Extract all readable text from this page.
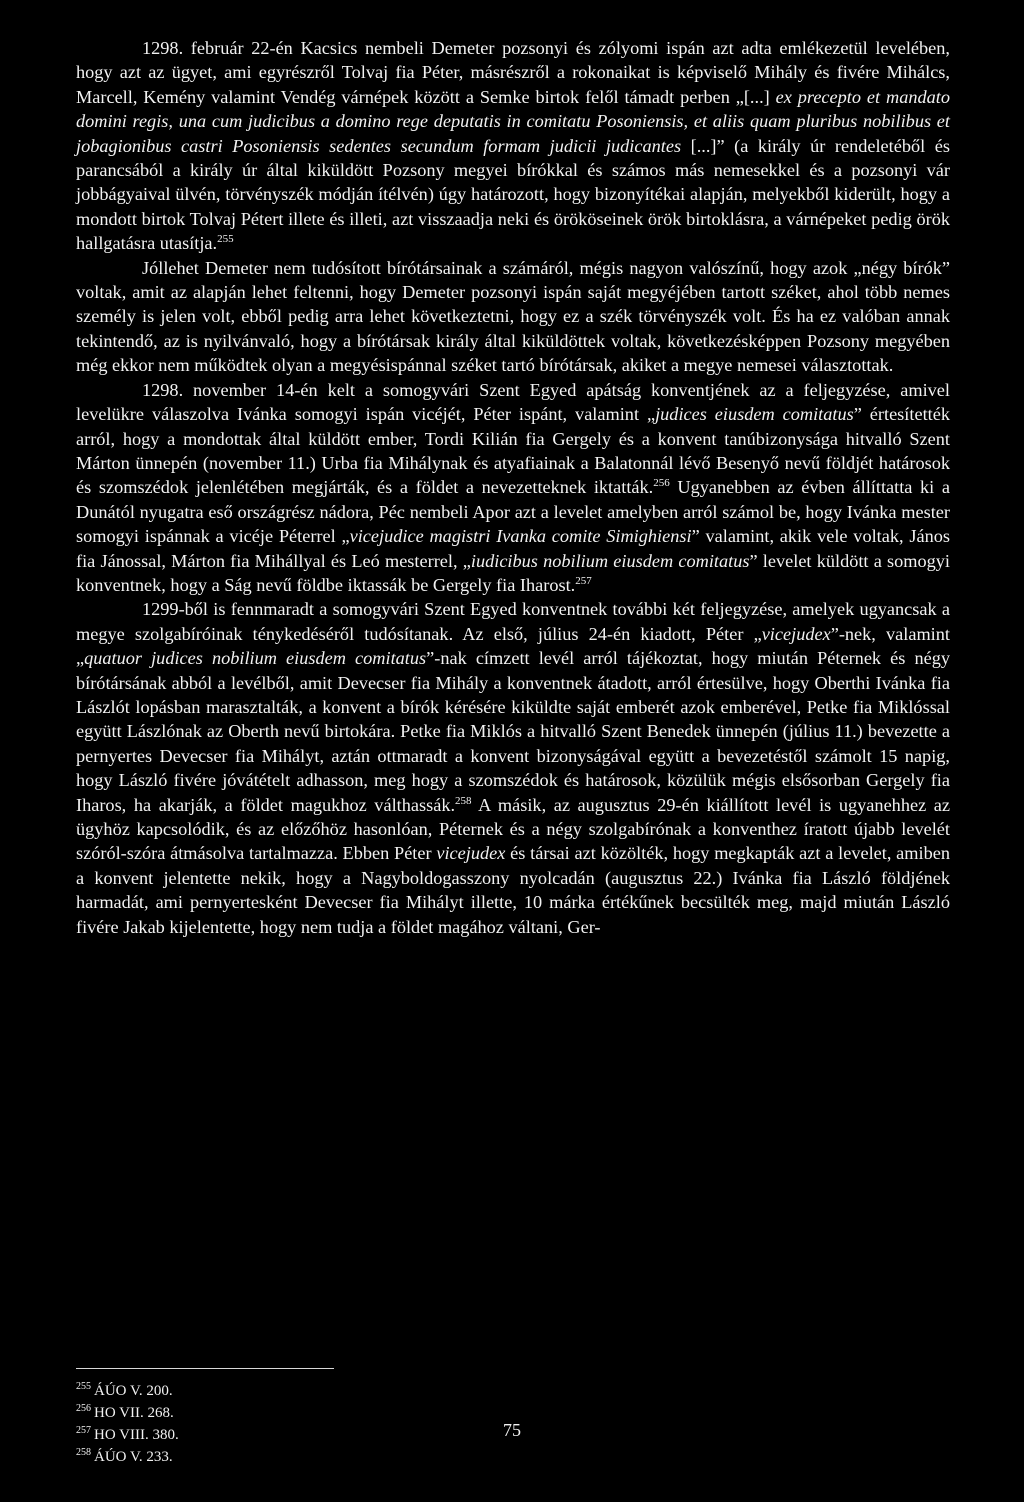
1298. február 22-én Kacsics nembeli Demeter pozsonyi és zólyomi ispán azt adta emlékezetül levelében, hogy azt az ügyet, ami egyrészről Tolvaj fia Péter, másrészről a rokonaikat is képviselő Mihály és fivére Mihálcs, Marcell, Kemény valamint Vendég várnépek között a Semke birtok felől támadt perben „[...] ex precepto et mandato domini regis, una cum judicibus a domino rege deputatis in comitatu Posoniensis, et aliis quam pluribus nobilibus et jobagionibus castri Posoniensis sedentes secundum formam judicii judicantes [...]” (a király úr rendeletéből és parancsából a király úr által kiküldött Pozsony megyei bírókkal és számos más nemesekkel és a pozsonyi vár jobbágyaival ülvén, törvényszék módján ítélvén) úgy határozott, hogy bizonyítékai alapján, melyekből kiderült, hogy a mondott birtok Tolvaj Pétert illete és illeti, azt visszaadja neki és örököseinek örök birtoklásra, a várnépeket pedig örök hallgatásra utasítja.$^{255}$

Jóllehet Demeter nem tudósított bírótársainak a számáról, mégis nagyon valószínű, hogy azok „négy bírók” voltak, amit az alapján lehet feltenni, hogy Demeter pozsonyi ispán saját megyéjében tartott széket, ahol több nemes személy is jelen volt, ebből pedig arra lehet következtetni, hogy ez a szék törvényszék volt. És ha ez valóban annak tekintendő, az is nyilvánvaló, hogy a bírótársak király által kiküldöttek voltak, következésképpen Pozsony megyében még ekkor nem működtek olyan a megyésispánnal széket tartó bírótársak, akiket a megye nemesei választottak.

1298. november 14-én kelt a somogyvári Szent Egyed apátság konventjének az a feljegyzése, amivel levelükre válaszolva Ivánka somogyi ispán vicéjét, Péter ispánt, valamint „judices eiusdem comitatus” értesítették arról, hogy a mondottak által küldött ember, Tordi Kilián fia Gergely és a konvent tanúbizonysága hitvalló Szent Márton ünnepén (november 11.) Urba fia Mihálynak és atyafiainak a Balatonnál lévő Besenyő nevű földjét határosok és szomszédok jelenlétében megjárták, és a földet a nevezetteknek iktatták.$^{256}$ Ugyanebben az évben állíttatta ki a Dunától nyugatra eső országrész nádora, Péc nembeli Apor azt a levelet amelyben arról számol be, hogy Ivánka mester somogyi ispánnak a vicéje Péterrel „vicejudice magistri Ivanka comite Simighiensi” valamint, akik vele voltak, János fia Jánossal, Márton fia Mihállyal és Leó mesterrel, „iudicibus nobilium eiusdem comitatus” levelet küldött a somogyi konventnek, hogy a Ság nevű földbe iktassák be Gergely fia Iharost.$^{257}$

1299-ből is fennmaradt a somogyvári Szent Egyed konventnek további két feljegyzése, amelyek ugyancsak a megye szolgabíróinak ténykedéséről tudósítanak. Az első, július 24-én kiadott, Péter „vicejudex”-nek, valamint „quatuor judices nobilium eiusdem comitatus”-nak címzett levél arról tájékoztat, hogy miután Péternek és négy bírótársának abból a levélből, amit Devecser fia Mihály a konventnek átadott, arról értesülve, hogy Oberthi Ivánka fia Lászlót lopásban marasztalták, a konvent a bírók kérésére kiküldte saját emberét azok emberével, Petke fia Miklóssal együtt Lászlónak az Oberth nevű birtokára. Petke fia Miklós a hitvalló Szent Benedek ünnepén (július 11.) bevezette a pernyertes Devecser fia Mihályt, aztán ottmaradt a konvent bizonyságával együtt a bevezetéstől számolt 15 napig, hogy László fivére jóvátételt adhasson, meg hogy a szomszédok és határosok, közülük mégis elsősorban Gergely fia Iharos, ha akarják, a földet magukhoz válthassák.$^{258}$ A másik, az augusztus 29-én kiállított levél is ugyanehhez az ügyhöz kapcsolódik, és az előzőhöz hasonlóan, Péternek és a négy szolgabírónak a konventhez íratott újabb levelét szóról-szóra átmásolva tartalmazza. Ebben Péter vicejudex és társai azt közölték, hogy megkapták azt a levelet, amiben a konvent jelentette nekik, hogy a Nagyboldogasszony nyolcadán (augusztus 22.) Ivánka fia László földjének harmadát, ami pernyertesként Devecser fia Mihályt illette, 10 márka értékűnek becsülték meg, majd miután László fivére Jakab kijelentette, hogy nem tudja a földet magához váltani, Ger-

$^{255}$ ÁÚO V. 200.

$^{256}$ HO VII. 268.

$^{257}$ HO VIII. 380.

$^{258}$ ÁÚO V. 233.

75
